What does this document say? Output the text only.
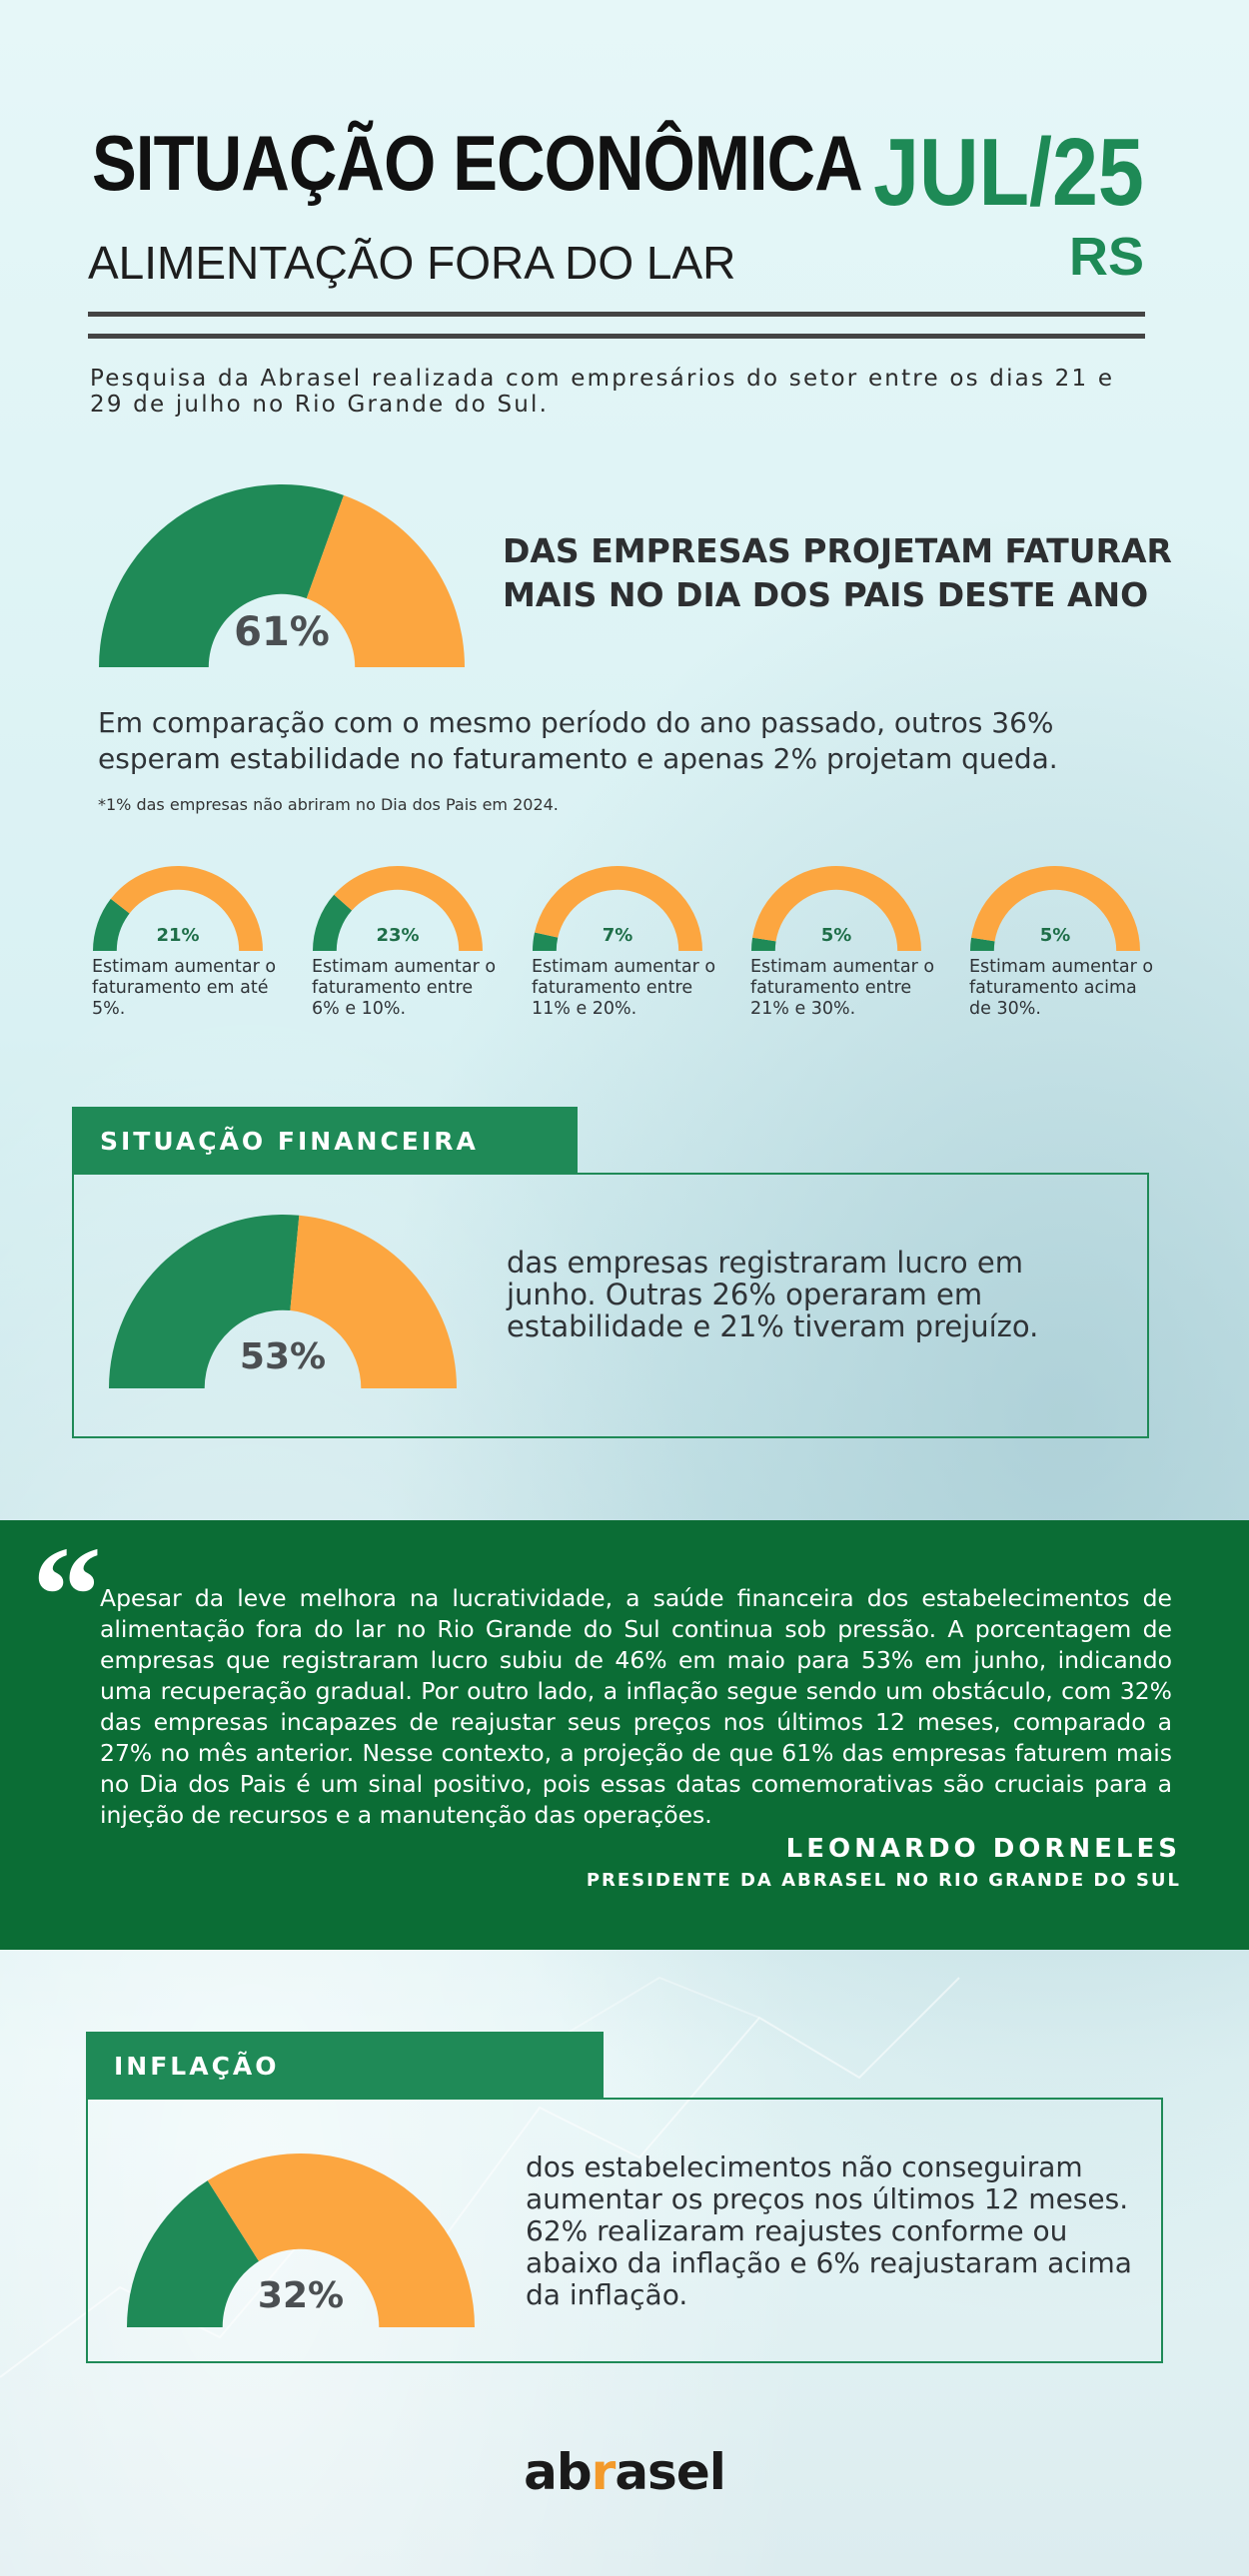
SITUAÇÃO ECONÔMICA
ALIMENTAÇÃO FORA DO LAR
JUL/25
RS
Pesquisa da Abrasel realizada com empresários do setor entre os dias 21 e 29 de julho no Rio Grande do Sul.
61%
DAS EMPRESAS PROJETAM FATURAR MAIS NO DIA DOS PAIS DESTE ANO
Em comparação com o mesmo período do ano passado, outros 36% esperam estabilidade no faturamento e apenas 2% projetam queda.
*1% das empresas não abriram no Dia dos Pais em 2024.
21%
Estimam aumentar o faturamento em até 5%.
23%
Estimam aumentar o faturamento entre 6% e 10%.
7%
Estimam aumentar o faturamento entre 11% e 20%.
5%
Estimam aumentar o faturamento entre 21% e 30%.
5%
Estimam aumentar o faturamento acima de 30%.
SITUAÇÃO FINANCEIRA
53%
das empresas registraram lucro em junho. Outras 26% operaram em estabilidade e 21% tiveram prejuízo.
“
Apesar da leve melhora na lucratividade, a saúde financeira dos estabelecimentos de alimentação fora do lar no Rio Grande do Sul continua sob pressão. A porcentagem de empresas que registraram lucro subiu de 46% em maio para 53% em junho, indicando uma recuperação gradual. Por outro lado, a inflação segue sendo um obstáculo, com 32% das empresas incapazes de reajustar seus preços nos últimos 12 meses, comparado a 27% no mês anterior. Nesse contexto, a projeção de que 61% das empresas faturem mais no Dia dos Pais é um sinal positivo, pois essas datas comemorativas são cruciais para a injeção de recursos e a manutenção das operações.
LEONARDO DORNELES
PRESIDENTE DA ABRASEL NO RIO GRANDE DO SUL
INFLAÇÃO
32%
dos estabelecimentos não conseguiram aumentar os preços nos últimos 12 meses. 62% realizaram reajustes conforme ou abaixo da inflação e 6% reajustaram acima da inflação.
abrasel
